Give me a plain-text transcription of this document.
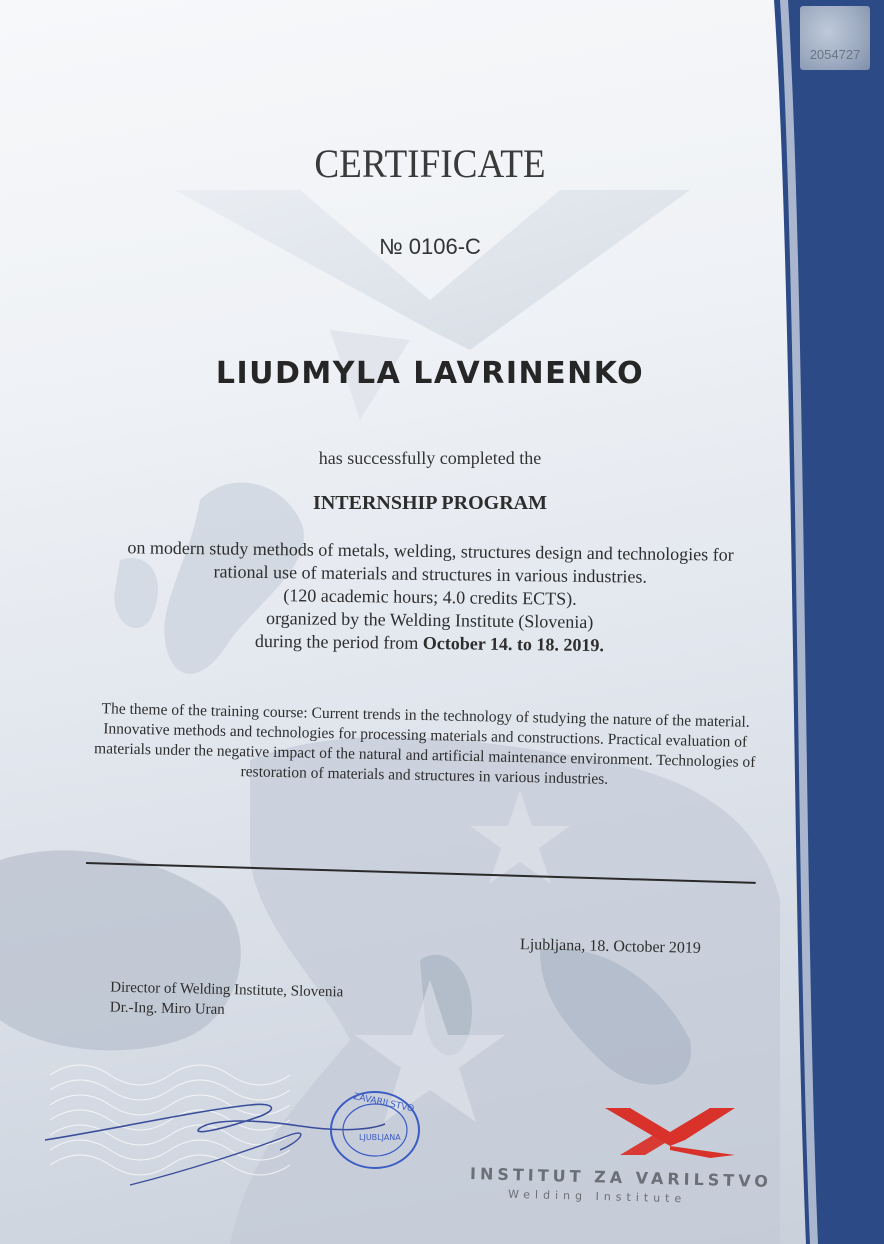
2054727
CERTIFICATE
№ 0106-C
LIUDMYLA LAVRINENKO
has successfully completed the
INTERNSHIP PROGRAM
on modern study methods of metals, welding, structures design and technologies for
rational use of materials and structures in various industries.
(120 academic hours; 4.0 credits ECTS).
organized by the Welding Institute (Slovenia)
during the period from October 14. to 18. 2019.
The theme of the training course: Current trends in the technology of studying the nature of the material. Innovative methods and technologies for processing materials and constructions. Practical evaluation of materials under the negative impact of the natural and artificial maintenance environment. Technologies of restoration of materials and structures in various industries.
Ljubljana, 18. October 2019
Director of Welding Institute, Slovenia
Dr.-Ing. Miro Uran
ZAVARILSTVO
LJUBLJANA
INSTITUT ZA VARILSTVO
Welding Institute
